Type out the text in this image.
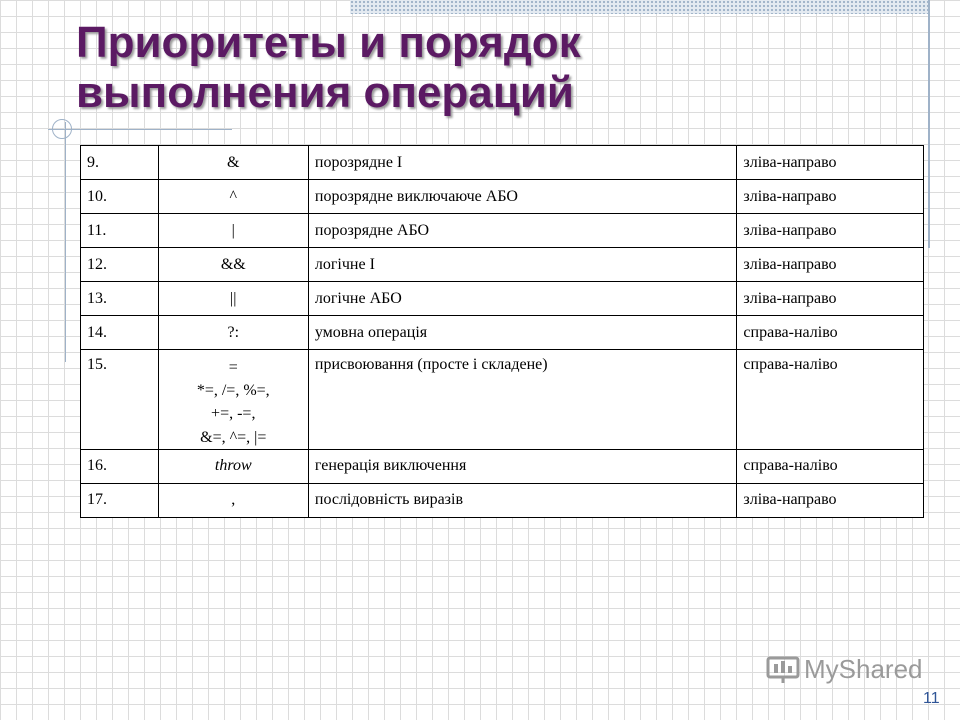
Приоритеты и порядок
выполнения операций
9.	&	порозрядне І	зліва-направо
10.	^	порозрядне виключаюче АБО	зліва-направо
11.	|	порозрядне АБО	зліва-направо
12.	&&	логічне І	зліва-направо
13.	||	логічне АБО	зліва-направо
14.	?:	умовна операція	справа-наліво
15.	=
*=, /=, %=,
+=, -=,
&=, ^=, |=	присвоювання (просте і складене)	справа-наліво
16.	throw	генерація виключення	справа-наліво
17.	,	послідовність виразів	зліва-направо
MyShared
11
